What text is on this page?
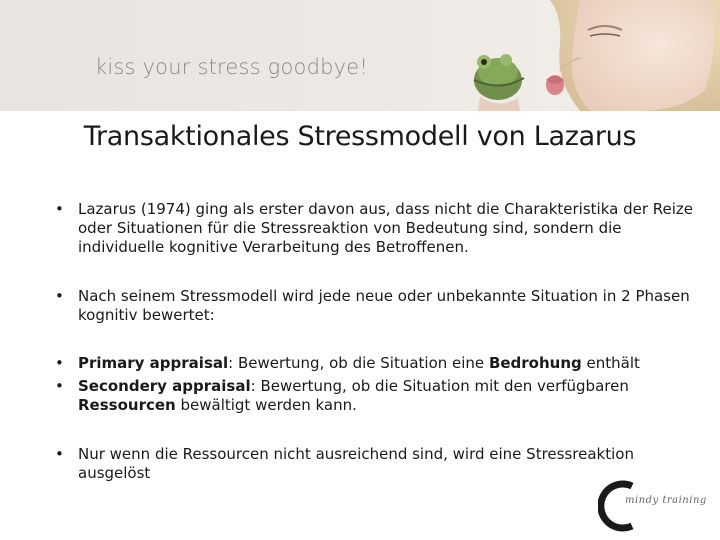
kiss your stress goodbye!
Transaktionales Stressmodell von Lazarus
• Lazarus (1974) ging als erster davon aus, dass nicht die Charakteristika der Reize oder Situationen für die Stressreaktion von Bedeutung sind, sondern die individuelle kognitive Verarbeitung des Betroffenen.
• Nach seinem Stressmodell wird jede neue oder unbekannte Situation in 2 Phasen kognitiv bewertet:
• Primary appraisal: Bewertung, ob die Situation eine Bedrohung enthält
• Secondery appraisal: Bewertung, ob die Situation mit den verfügbaren Ressourcen bewältigt werden kann.
• Nur wenn die Ressourcen nicht ausreichend sind, wird eine Stressreaktion ausgelöst
mindy training
